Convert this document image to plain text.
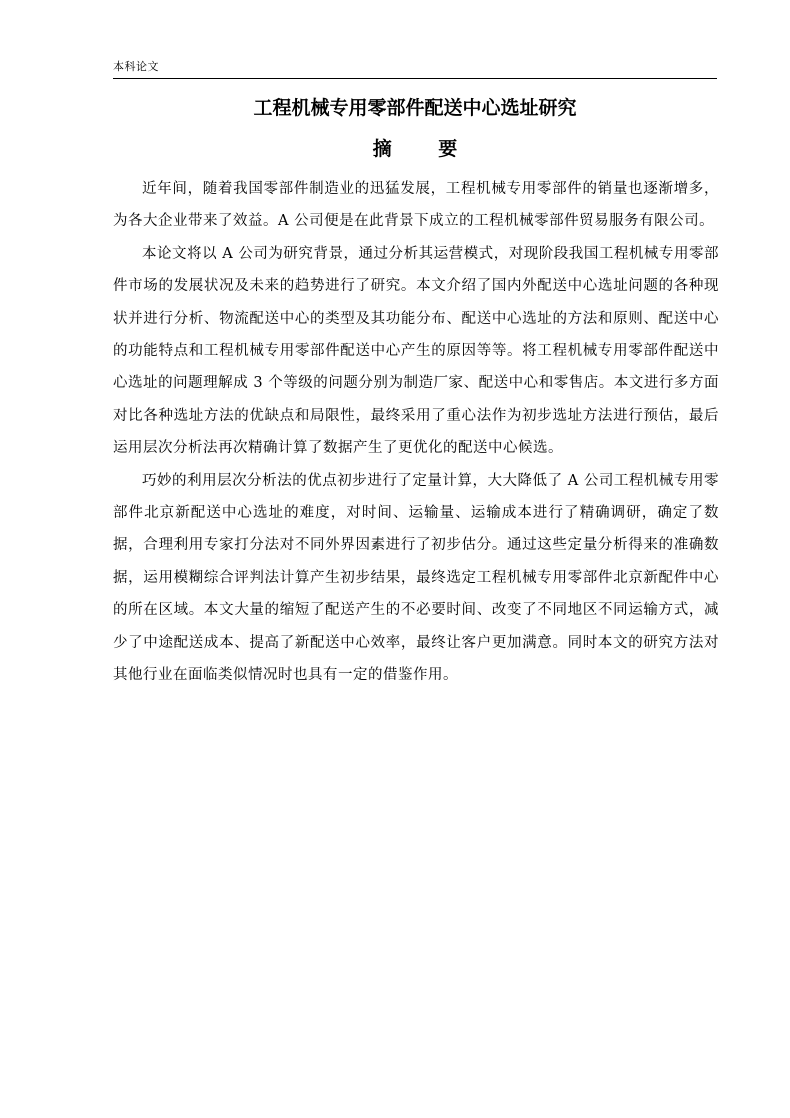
本科论文
工程机械专用零部件配送中心选址研究
摘 要

近年间，随着我国零部件制造业的迅猛发展，工程机械专用零部件的销量也逐渐增多，为各大企业带来了效益。A 公司便是在此背景下成立的工程机械零部件贸易服务有限公司。

本论文将以 A 公司为研究背景，通过分析其运营模式，对现阶段我国工程机械专用零部件市场的发展状况及未来的趋势进行了研究。本文介绍了国内外配送中心选址问题的各种现状并进行分析、物流配送中心的类型及其功能分布、配送中心选址的方法和原则、配送中心的功能特点和工程机械专用零部件配送中心产生的原因等等。将工程机械专用零部件配送中心选址的问题理解成 3 个等级的问题分别为制造厂家、配送中心和零售店。本文进行多方面对比各种选址方法的优缺点和局限性，最终采用了重心法作为初步选址方法进行预估，最后运用层次分析法再次精确计算了数据产生了更优化的配送中心候选。

巧妙的利用层次分析法的优点初步进行了定量计算，大大降低了 A 公司工程机械专用零部件北京新配送中心选址的难度，对时间、运输量、运输成本进行了精确调研，确定了数据，合理利用专家打分法对不同外界因素进行了初步估分。通过这些定量分析得来的准确数据，运用模糊综合评判法计算产生初步结果，最终选定工程机械专用零部件北京新配件中心的所在区域。本文大量的缩短了配送产生的不必要时间、改变了不同地区不同运输方式，减少了中途配送成本、提高了新配送中心效率，最终让客户更加满意。同时本文的研究方法对其他行业在面临类似情况时也具有一定的借鉴作用。
